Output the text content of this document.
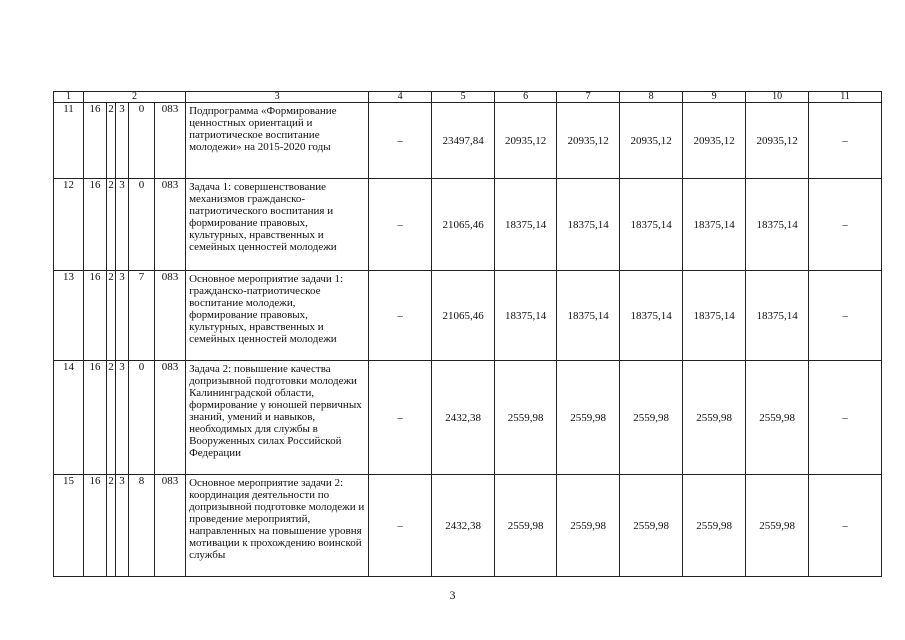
1	2					3	4	5	6	7	8	9	10	11
11	16	2	3	0	083	Подпрограмма «Формирование ценностных ориентаций и патриотическое воспитание молодежи» на 2015-2020 годы	–	23497,84	20935,12	20935,12	20935,12	20935,12	20935,12	–
12	16	2	3	0	083	Задача 1: совершенствование механизмов гражданско-патриотического воспитания и формирование правовых, культурных, нравственных и семейных ценностей молодежи	–	21065,46	18375,14	18375,14	18375,14	18375,14	18375,14	–
13	16	2	3	7	083	Основное мероприятие задачи 1: гражданско-патриотическое воспитание молодежи, формирование правовых, культурных, нравственных и семейных ценностей молодежи	–	21065,46	18375,14	18375,14	18375,14	18375,14	18375,14	–
14	16	2	3	0	083	Задача 2: повышение качества допризывной подготовки молодежи Калининградской области, формирование у юношей первичных знаний, умений и навыков, необходимых для службы в Вооруженных силах Российской Федерации	–	2432,38	2559,98	2559,98	2559,98	2559,98	2559,98	–
15	16	2	3	8	083	Основное мероприятие задачи 2: координация деятельности по допризывной подготовке молодежи и проведение мероприятий, направленных на повышение уровня мотивации к прохождению воинской службы	–	2432,38	2559,98	2559,98	2559,98	2559,98	2559,98	–
3
